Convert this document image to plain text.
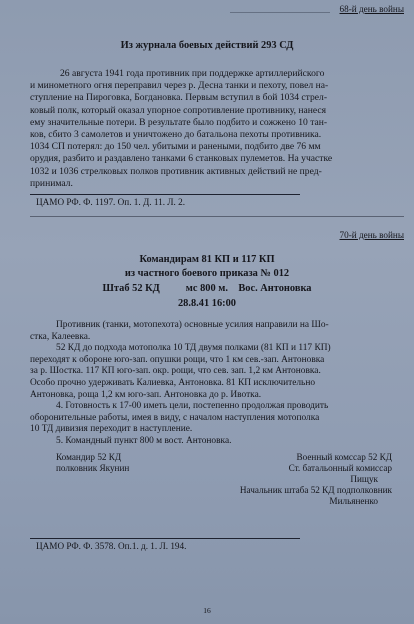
68-й день войны
Из журнала боевых действий 293 СД
26 августа 1941 года противник при поддержке артиллерийского
и минометного огня переправил через р. Десна танки и пехоту, повел на-
ступление на Пироговка, Богдановка. Первым вступил в бой 1034 стрел-
ковый полк, который оказал упорное сопротивление противнику, нанеся
ему значительные потери. В результате было подбито и сожжено 10 тан-
ков, сбито 3 самолетов и уничтожено до батальона пехоты противника.
1034 СП потерял: до 150 чел. убитыми и ранеными, подбито две 76 мм
орудия, разбито и раздавлено танками 6 станковых пулеметов. На участке
1032 и 1036 стрелковых полков противник активных действий не пред-
принимал.
ЦАМО РФ. Ф. 1197. Оп. 1. Д. 11. Л. 2.
70-й день войны
Командирам 81 КП и 117 КП
из частного боевого приказа № 012
Штаб 52 КД          мс 800 м.    Вос. Антоновка
28.8.41 16:00
Противник (танки, мотопехота) основные усилия направили на Шо-
стка, Калеевка.
52 КД до подхода мотополка 10 ТД двумя полками (81 КП и 117 КП)
переходят к обороне юго-зап. опушки рощи, что 1 км сев.-зап. Антоновка
за р. Шостка. 117 КП юго-зап. окр. рощи, что сев. зап. 1,2 км Антоновка.
Особо прочно удерживать Калиевка, Антоновка. 81 КП исключительно
Антоновка, роща 1,2 км юго-зап. Антоновка до р. Ивотка.
4. Готовность к 17-00 иметь цели, постепенно продолжая проводить
оборонительные работы, имея в виду, с началом наступления мотополка
10 ТД дивизия переходит в наступление.
5. Командный пункт 800 м вост. Антоновка.
Командир 52 КД
полковник Якунин
Военный комссар 52 КД
Ст. батальонный комиссар
Пищук
Начальник штаба 52 КД подполковник
Мильяненко
ЦАМО РФ. Ф. 3578. Оп.1. д. 1. Л. 194.
16
